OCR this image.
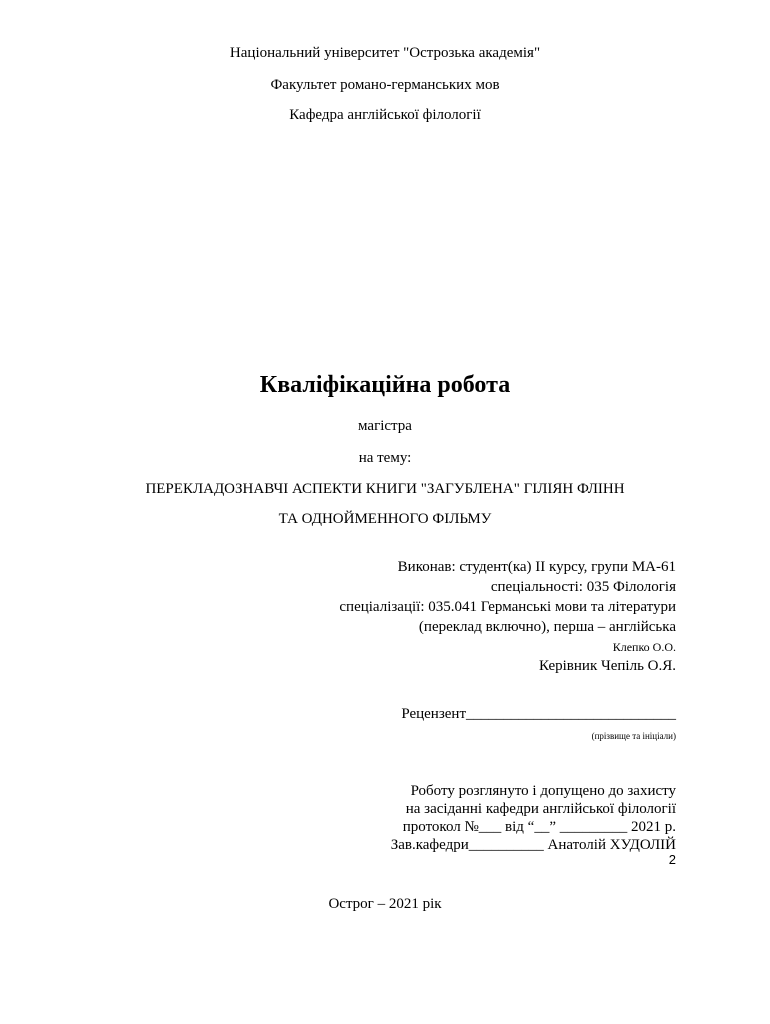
Національний університет "Острозька академія"
Факультет романо-германських мов
Кафедра англійської філології
Кваліфікаційна робота
магістра
на тему:
ПЕРЕКЛАДОЗНАВЧІ АСПЕКТИ КНИГИ "ЗАГУБЛЕНА" ГІЛІЯН ФЛІНН
ТА ОДНОЙМЕННОГО ФІЛЬМУ
Виконав: студент(ка) II курсу, групи МА-61
спеціальності: 035 Філологія
спеціалізації: 035.041 Германські мови та літератури
(переклад включно), перша – англійська
Клепко О.О.
Керівник Чепіль О.Я.
Рецензент____________________________
(прізвище та ініціали)
Роботу розглянуто і допущено до захисту
на засіданні кафедри англійської філології
протокол №___ від “__” _________ 2021 р.
Зав.кафедри__________ Анатолій ХУДОЛІЙ
2
Острог – 2021 рік
